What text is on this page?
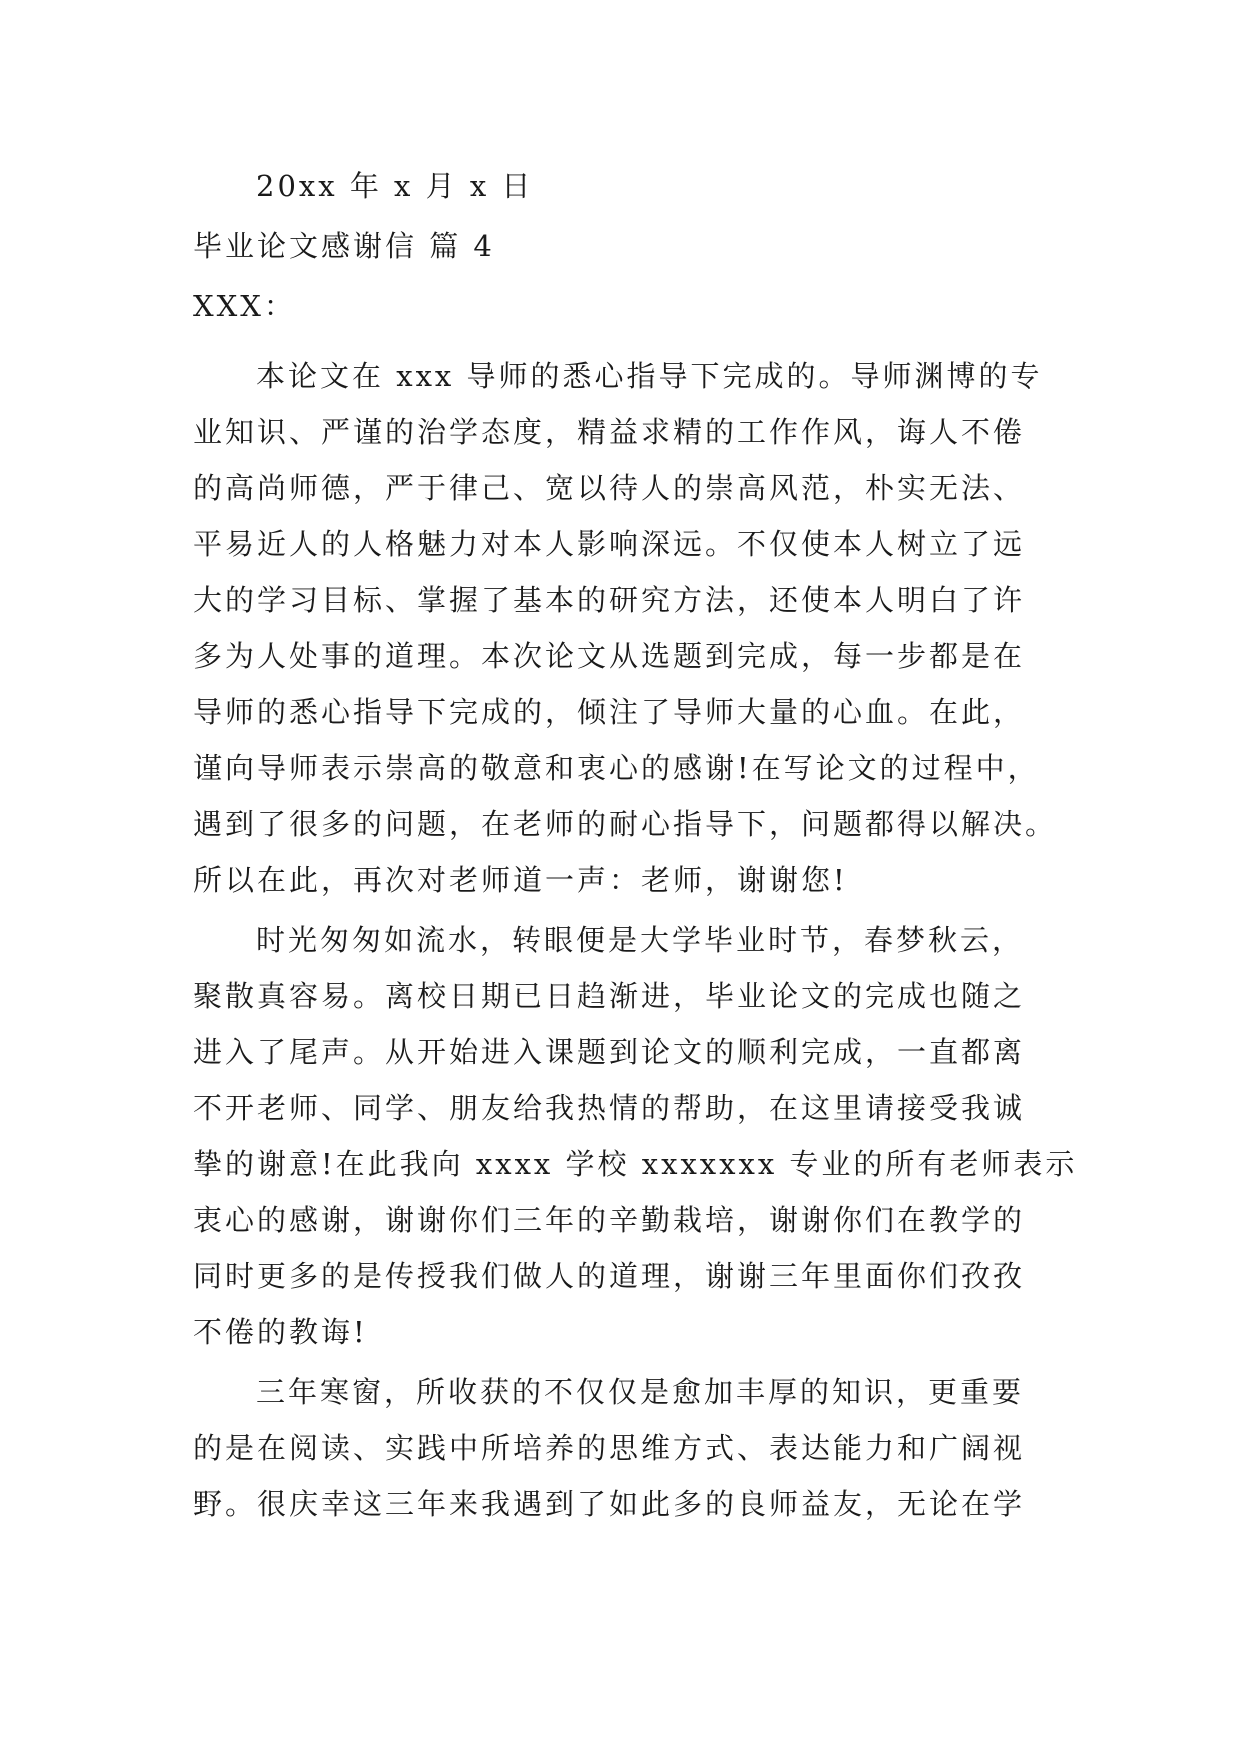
20xx 年 x 月 x 日
毕业论文感谢信 篇 4
XXX：
本论文在 xxx 导师的悉心指导下完成的。导师渊博的专
业知识、严谨的治学态度，精益求精的工作作风，诲人不倦
的高尚师德，严于律己、宽以待人的崇高风范，朴实无法、
平易近人的人格魅力对本人影响深远。不仅使本人树立了远
大的学习目标、掌握了基本的研究方法，还使本人明白了许
多为人处事的道理。本次论文从选题到完成，每一步都是在
导师的悉心指导下完成的，倾注了导师大量的心血。在此，
谨向导师表示崇高的敬意和衷心的感谢!在写论文的过程中，
遇到了很多的问题，在老师的耐心指导下，问题都得以解决。
所以在此，再次对老师道一声：老师，谢谢您!
时光匆匆如流水，转眼便是大学毕业时节，春梦秋云，
聚散真容易。离校日期已日趋渐进，毕业论文的完成也随之
进入了尾声。从开始进入课题到论文的顺利完成，一直都离
不开老师、同学、朋友给我热情的帮助，在这里请接受我诚
挚的谢意!在此我向 xxxx 学校 xxxxxxx 专业的所有老师表示
衷心的感谢，谢谢你们三年的辛勤栽培，谢谢你们在教学的
同时更多的是传授我们做人的道理，谢谢三年里面你们孜孜
不倦的教诲!
三年寒窗，所收获的不仅仅是愈加丰厚的知识，更重要
的是在阅读、实践中所培养的思维方式、表达能力和广阔视
野。很庆幸这三年来我遇到了如此多的良师益友，无论在学
